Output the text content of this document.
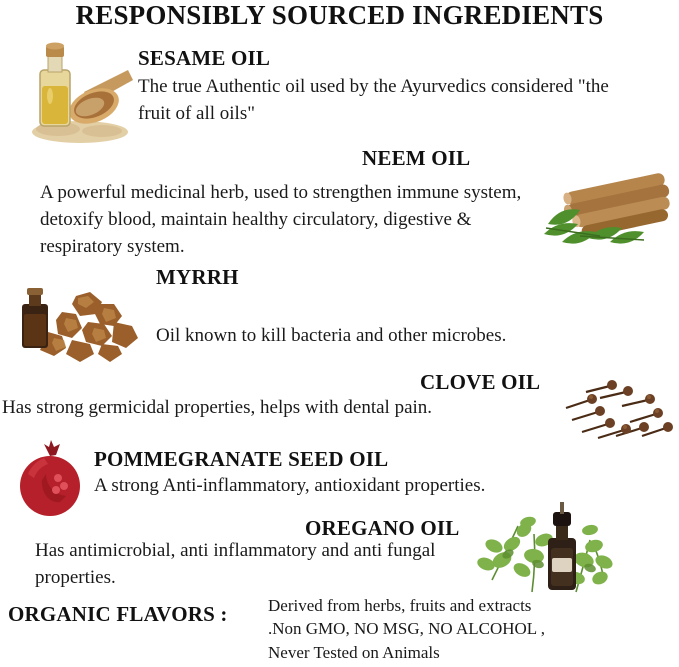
RESPONSIBLY SOURCED INGREDIENTS
SESAME OIL
The true Authentic oil used by the Ayurvedics considered "the fruit of all oils"
NEEM OIL
A powerful medicinal herb, used to strengthen immune system, detoxify blood, maintain healthy circulatory, digestive & respiratory system.
MYRRH
Oil known to kill bacteria and other microbes.
CLOVE OIL
Has strong germicidal properties, helps with dental pain.
POMMEGRANATE SEED OIL
A strong Anti-inflammatory, antioxidant properties.
OREGANO OIL
Has antimicrobial, anti inflammatory and anti fungal properties.
ORGANIC FLAVORS : Derived from herbs, fruits and extracts
.Non GMO, NO MSG, NO ALCOHOL ,
Never Tested on Animals
